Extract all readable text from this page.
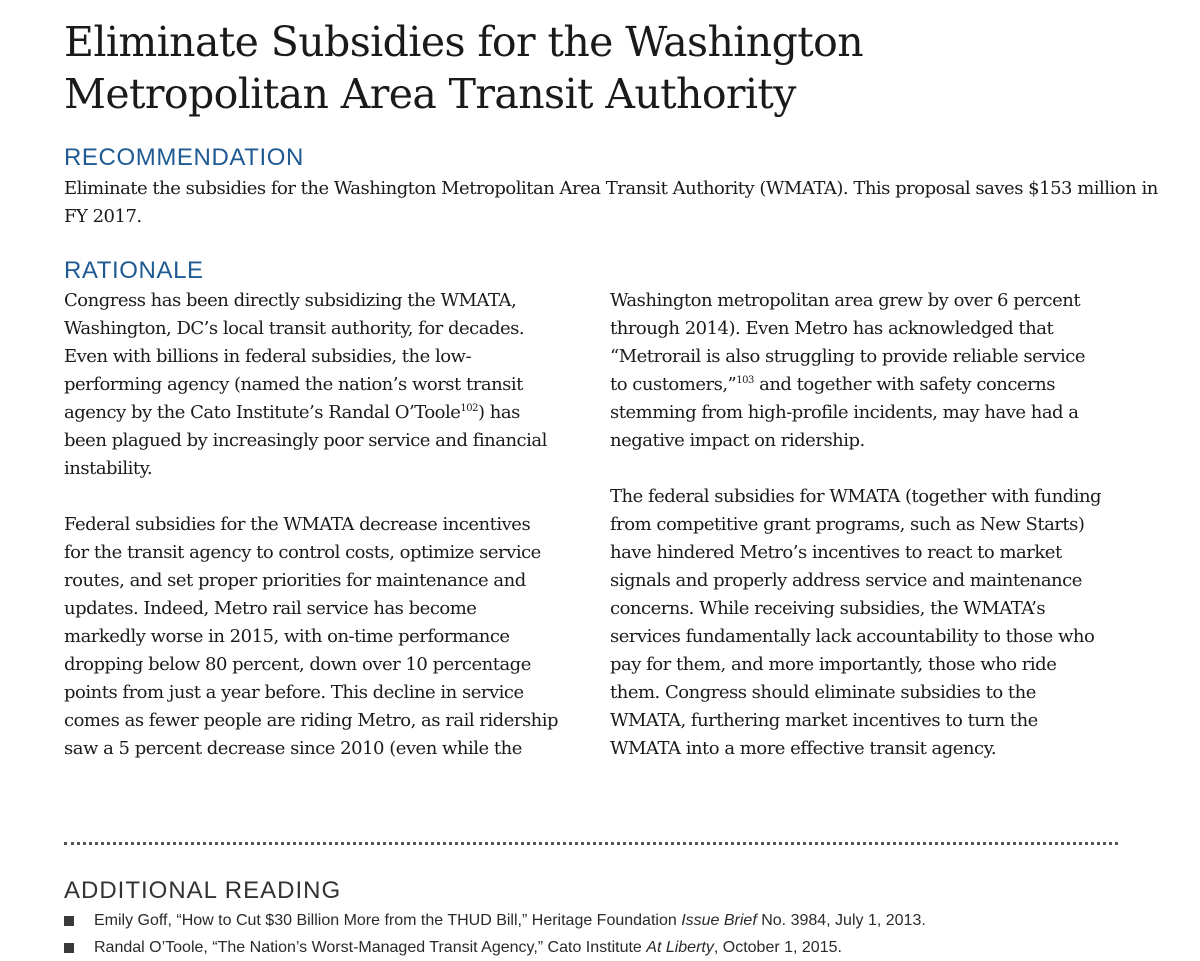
Eliminate Subsidies for the Washington Metropolitan Area Transit Authority
RECOMMENDATION

Eliminate the subsidies for the Washington Metropolitan Area Transit Authority (WMATA). This proposal saves $153 million in FY 2017.

RATIONALE

Congress has been directly subsidizing the WMATA, Washington, DC’s local transit authority, for decades. Even with billions in federal subsidies, the low-performing agency (named the nation’s worst transit agency by the Cato Institute’s Randal O’Toole$^{102}$) has been plagued by increasingly poor service and financial instability.

Federal subsidies for the WMATA decrease incentives for the transit agency to control costs, optimize service routes, and set proper priorities for maintenance and updates. Indeed, Metro rail service has become markedly worse in 2015, with on-time performance dropping below 80 percent, down over 10 percentage points from just a year before. This decline in service comes as fewer people are riding Metro, as rail ridership saw a 5 percent decrease since 2010 (even while the

Washington metropolitan area grew by over 6 percent through 2014). Even Metro has acknowledged that “Metrorail is also struggling to provide reliable service to customers,”$^{103}$ and together with safety concerns stemming from high-profile incidents, may have had a negative impact on ridership.

The federal subsidies for WMATA (together with funding from competitive grant programs, such as New Starts) have hindered Metro’s incentives to react to market signals and properly address service and maintenance concerns. While receiving subsidies, the WMATA’s services fundamentally lack accountability to those who pay for them, and more importantly, those who ride them. Congress should eliminate subsidies to the WMATA, furthering market incentives to turn the WMATA into a more effective transit agency.

ADDITIONAL READING
Emily Goff, “How to Cut $30 Billion More from the THUD Bill,” Heritage Foundation Issue Brief No. 3984, July 1, 2013.
Randal O’Toole, “The Nation’s Worst-Managed Transit Agency,” Cato Institute At Liberty, October 1, 2015.
